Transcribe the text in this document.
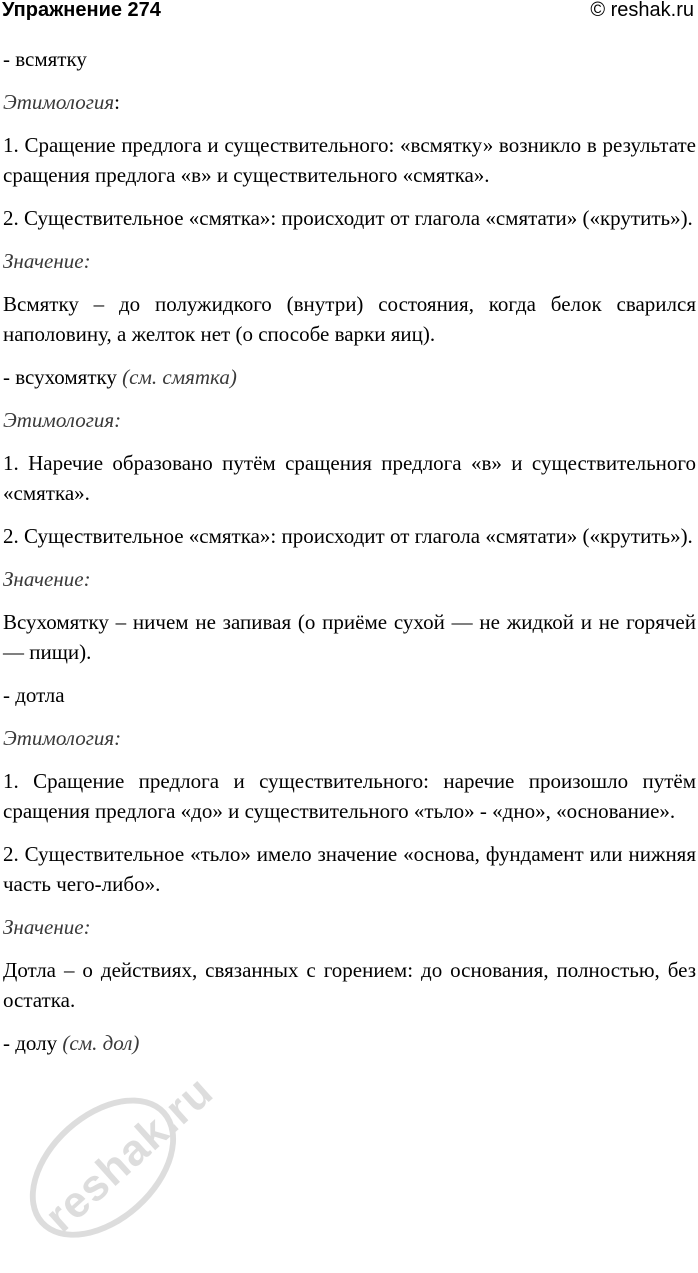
Упражнение 274	© reshak.ru

- всмятку

Этимология:

1. Сращение предлога и существительного: «всмятку» возникло в результате сращения предлога «в» и существительного «смятка».

2. Существительное «смятка»: происходит от глагола «смятати» («крутить»).

Значение:

Всмятку – до полужидкого (внутри) состояния, когда белок сварился наполовину, а желток нет (о способе варки яиц).

- всухомятку (см. смятка)

Этимология:

1. Наречие образовано путём сращения предлога «в» и существительного «смятка».

2. Существительное «смятка»: происходит от глагола «смятати» («крутить»).

Значение:

Всухомятку – ничем не запивая (о приёме сухой — не жидкой и не горячей — пищи).

- дотла

Этимология:

1. Сращение предлога и существительного: наречие произошло путём сращения предлога «до» и существительного «тьло» - «дно», «основание».

2. Существительное «тьло» имело значение «основа, фундамент или нижняя часть чего-либо».

Значение:

Дотла – о действиях, связанных с горением: до основания, полностью, без остатка.

- долу (см. дол)

reshak.ru
